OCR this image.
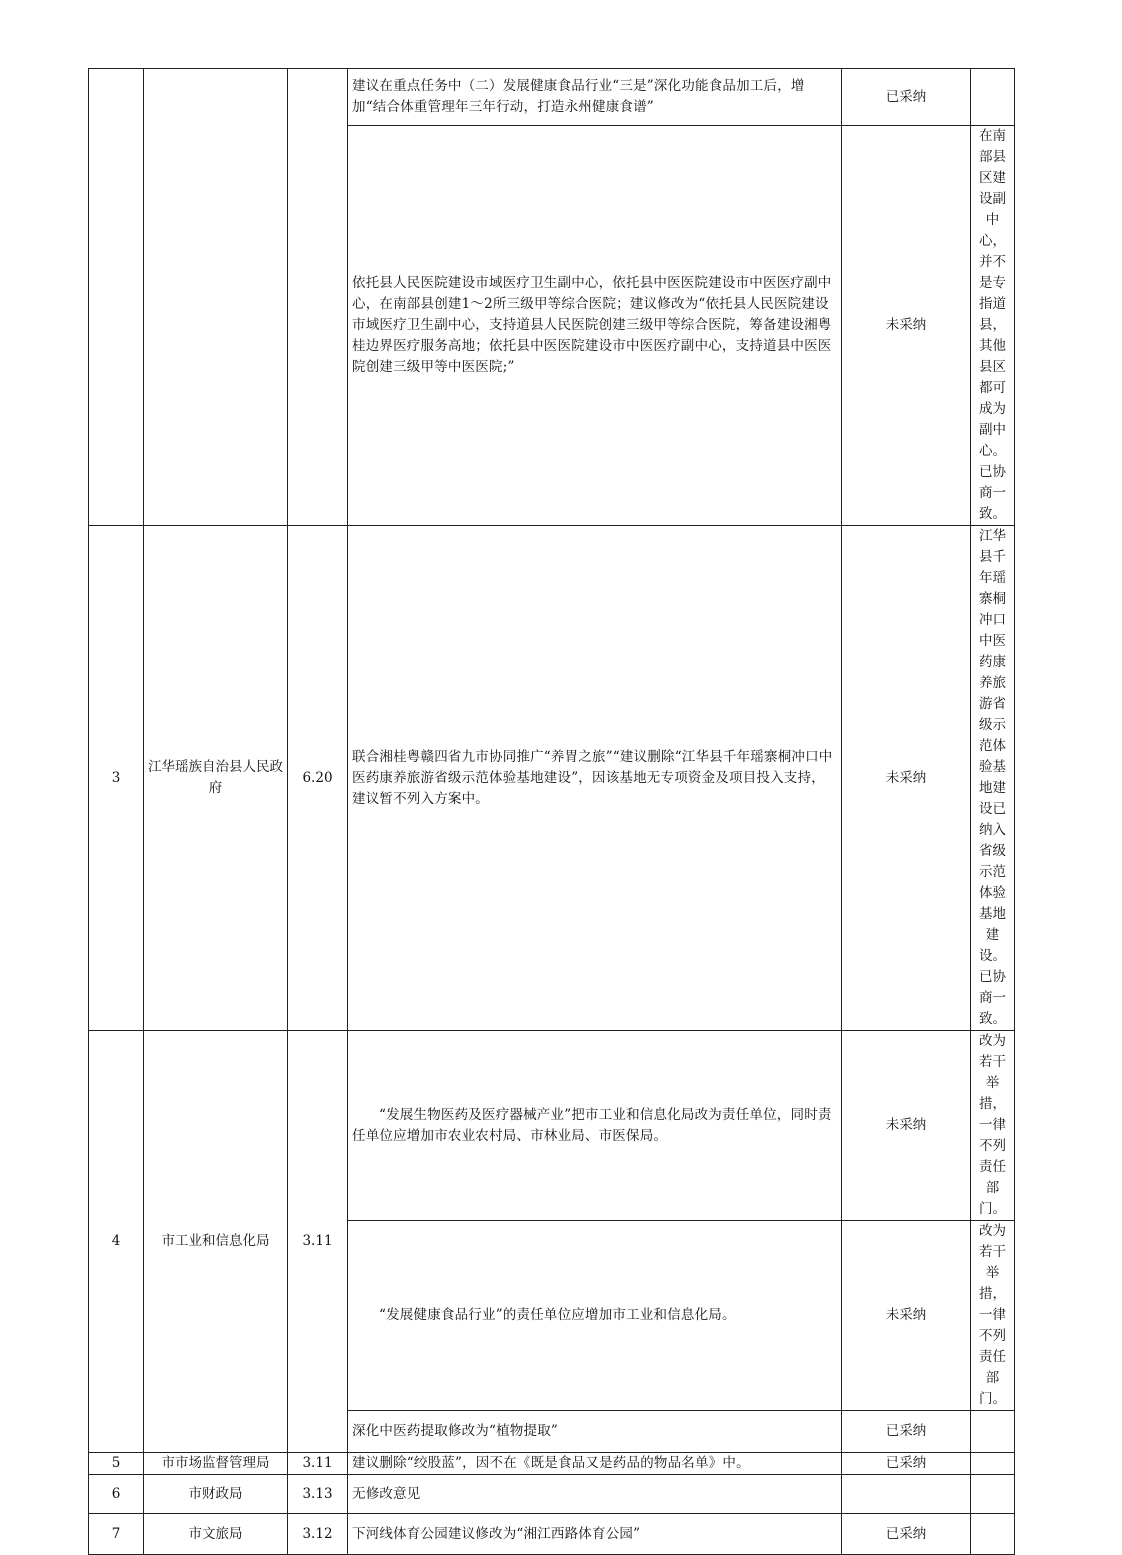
			建议在重点任务中（二）发展健康食品行业“三是”深化功能食品加工后，增加“结合体重管理年三年行动，打造永州健康食谱”	已采纳	
			依托县人民医院建设市域医疗卫生副中心，依托县中医医院建设市中医医疗副中心，在南部县创建1～2所三级甲等综合医院；建议修改为“依托县人民医院建设市域医疗卫生副中心，支持道县人民医院创建三级甲等综合医院，筹备建设湘粤桂边界医疗服务高地；依托县中医医院建设市中医医疗副中心，支持道县中医医院创建三级甲等中医医院;”	未采纳	在南部县区建设副中心，并不是专指道县，其他县区都可成为副中心。已协商一致。
3	江华瑶族自治县人民政府	6.20	联合湘桂粤赣四省九市协同推广“养胃之旅”“建议删除“江华县千年瑶寨桐冲口中医药康养旅游省级示范体验基地建设”，因该基地无专项资金及项目投入支持，建议暂不列入方案中。	未采纳	江华县千年瑶寨桐冲口中医药康养旅游省级示范体验基地建设已纳入省级示范体验基地建设。已协商一致。
4	市工业和信息化局	3.11	“发展生物医药及医疗器械产业”把市工业和信息化局改为责任单位，同时责任单位应增加市农业农村局、市林业局、市医保局。	未采纳	改为若干举措，一律不列责任部门。
			“发展健康食品行业”的责任单位应增加市工业和信息化局。	未采纳	改为若干举措，一律不列责任部门。
			深化中医药提取修改为“植物提取”	已采纳	
5	市市场监督管理局	3.11	建议删除“绞股蓝”，因不在《既是食品又是药品的物品名单》中。	已采纳	
6	市财政局	3.13	无修改意见		
7	市文旅局	3.12	下河线体育公园建议修改为“湘江西路体育公园”	已采纳	
